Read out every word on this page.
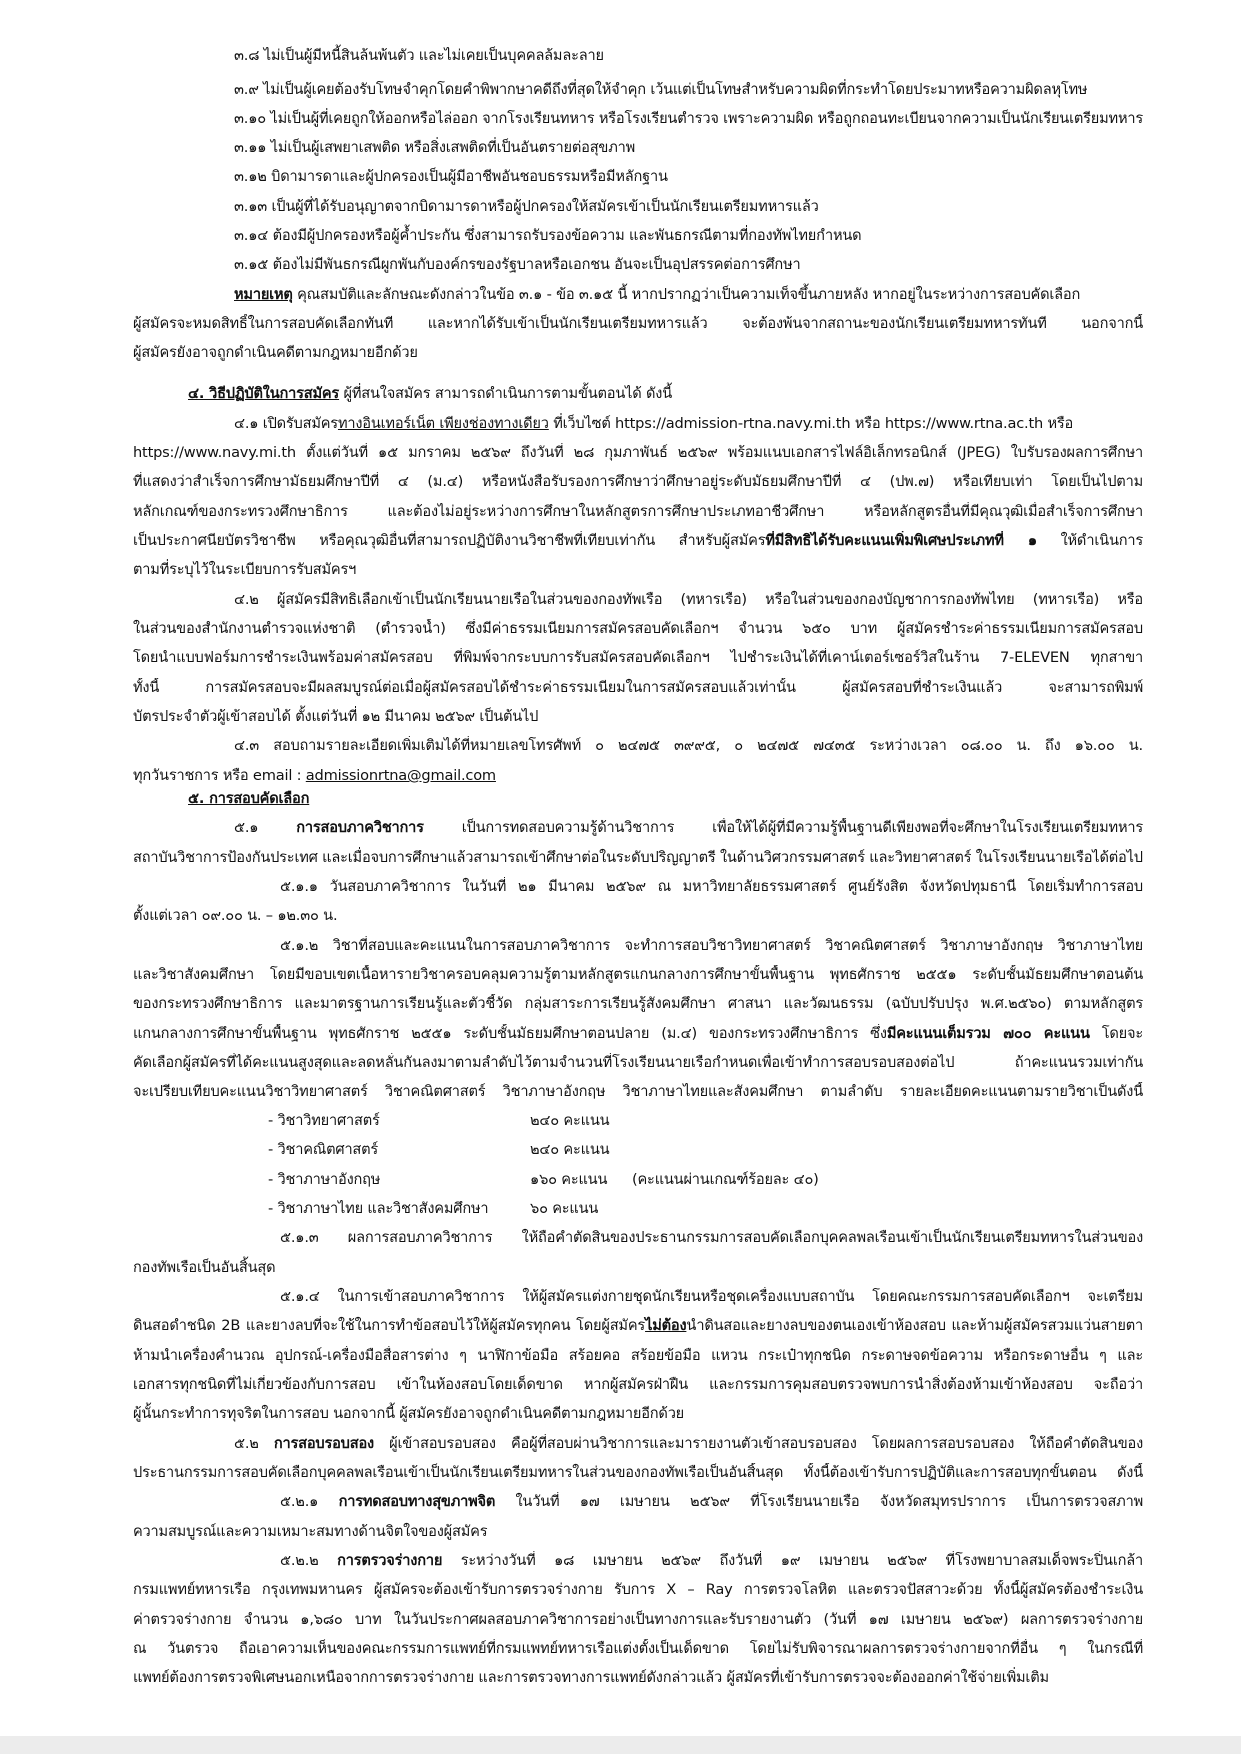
๓.๘ ไม่เป็นผู้มีหนี้สินล้นพ้นตัว และไม่เคยเป็นบุคคลล้มละลาย
๓.๙ ไม่เป็นผู้เคยต้องรับโทษจำคุกโดยคำพิพากษาคดีถึงที่สุดให้จำคุก เว้นแต่เป็นโทษสำหรับความผิดที่กระทำโดยประมาทหรือความผิดลหุโทษ
๓.๑๐ ไม่เป็นผู้ที่เคยถูกให้ออกหรือไล่ออก จากโรงเรียนทหาร หรือโรงเรียนตำรวจ เพราะความผิด หรือถูกถอนทะเบียนจากความเป็นนักเรียนเตรียมทหาร
๓.๑๑ ไม่เป็นผู้เสพยาเสพติด หรือสิ่งเสพติดที่เป็นอันตรายต่อสุขภาพ
๓.๑๒ บิดามารดาและผู้ปกครองเป็นผู้มีอาชีพอันชอบธรรมหรือมีหลักฐาน
๓.๑๓ เป็นผู้ที่ได้รับอนุญาตจากบิดามารดาหรือผู้ปกครองให้สมัครเข้าเป็นนักเรียนเตรียมทหารแล้ว
๓.๑๔ ต้องมีผู้ปกครองหรือผู้ค้ำประกัน ซึ่งสามารถรับรองข้อความ และพันธกรณีตามที่กองทัพไทยกำหนด
๓.๑๕ ต้องไม่มีพันธกรณีผูกพันกับองค์กรของรัฐบาลหรือเอกชน อันจะเป็นอุปสรรคต่อการศึกษา
หมายเหตุ คุณสมบัติและลักษณะดังกล่าวในข้อ ๓.๑ - ข้อ ๓.๑๕ นี้ หากปรากฏว่าเป็นความเท็จขึ้นภายหลัง หากอยู่ในระหว่างการสอบคัดเลือก
ผู้สมัครจะหมดสิทธิ์ในการสอบคัดเลือกทันที และหากได้รับเข้าเป็นนักเรียนเตรียมทหารแล้ว จะต้องพ้นจากสถานะของนักเรียนเตรียมทหารทันที นอกจากนี้
ผู้สมัครยังอาจถูกดำเนินคดีตามกฎหมายอีกด้วย
๔. วิธีปฏิบัติในการสมัคร ผู้ที่สนใจสมัคร สามารถดำเนินการตามขั้นตอนได้ ดังนี้
๔.๑ เปิดรับสมัครทางอินเทอร์เน็ต เพียงช่องทางเดียว ที่เว็บไซต์ https://admission-rtna.navy.mi.th หรือ https://www.rtna.ac.th หรือ
https://www.navy.mi.th ตั้งแต่วันที่ ๑๕ มกราคม ๒๕๖๙ ถึงวันที่ ๒๘ กุมภาพันธ์ ๒๕๖๙ พร้อมแนบเอกสารไฟล์อิเล็กทรอนิกส์ (JPEG) ใบรับรองผลการศึกษา
ที่แสดงว่าสำเร็จการศึกษามัธยมศึกษาปีที่ ๔ (ม.๔) หรือหนังสือรับรองการศึกษาว่าศึกษาอยู่ระดับมัธยมศึกษาปีที่ ๔ (ปพ.๗) หรือเทียบเท่า โดยเป็นไปตาม
หลักเกณฑ์ของกระทรวงศึกษาธิการ และต้องไม่อยู่ระหว่างการศึกษาในหลักสูตรการศึกษาประเภทอาชีวศึกษา หรือหลักสูตรอื่นที่มีคุณวุฒิเมื่อสำเร็จการศึกษา
เป็นประกาศนียบัตรวิชาชีพ หรือคุณวุฒิอื่นที่สามารถปฏิบัติงานวิชาชีพที่เทียบเท่ากัน สำหรับผู้สมัครที่มีสิทธิได้รับคะแนนเพิ่มพิเศษประเภทที่ ๑ ให้ดำเนินการ
ตามที่ระบุไว้ในระเบียบการรับสมัครฯ
๔.๒ ผู้สมัครมีสิทธิเลือกเข้าเป็นนักเรียนนายเรือในส่วนของกองทัพเรือ (ทหารเรือ) หรือในส่วนของกองบัญชาการกองทัพไทย (ทหารเรือ) หรือ
ในส่วนของสำนักงานตำรวจแห่งชาติ (ตำรวจน้ำ) ซึ่งมีค่าธรรมเนียมการสมัครสอบคัดเลือกฯ จำนวน ๖๕๐ บาท ผู้สมัครชำระค่าธรรมเนียมการสมัครสอบ
โดยนำแบบฟอร์มการชำระเงินพร้อมค่าสมัครสอบ ที่พิมพ์จากระบบการรับสมัครสอบคัดเลือกฯ ไปชำระเงินได้ที่เคาน์เตอร์เซอร์วิสในร้าน 7-ELEVEN ทุกสาขา
ทั้งนี้ การสมัครสอบจะมีผลสมบูรณ์ต่อเมื่อผู้สมัครสอบได้ชำระค่าธรรมเนียมในการสมัครสอบแล้วเท่านั้น ผู้สมัครสอบที่ชำระเงินแล้ว จะสามารถพิมพ์
บัตรประจำตัวผู้เข้าสอบได้ ตั้งแต่วันที่ ๑๒ มีนาคม ๒๕๖๙ เป็นต้นไป
๔.๓ สอบถามรายละเอียดเพิ่มเติมได้ที่หมายเลขโทรศัพท์ ๐ ๒๔๗๕ ๓๙๙๕, ๐ ๒๔๗๕ ๗๔๓๕ ระหว่างเวลา ๐๘.๐๐ น. ถึง ๑๖.๐๐ น.
ทุกวันราชการ หรือ email : admissionrtna@gmail.com
๕. การสอบคัดเลือก
๕.๑ การสอบภาควิชาการ เป็นการทดสอบความรู้ด้านวิชาการ เพื่อให้ได้ผู้ที่มีความรู้พื้นฐานดีเพียงพอที่จะศึกษาในโรงเรียนเตรียมทหาร
สถาบันวิชาการป้องกันประเทศ และเมื่อจบการศึกษาแล้วสามารถเข้าศึกษาต่อในระดับปริญญาตรี ในด้านวิศวกรรมศาสตร์ และวิทยาศาสตร์ ในโรงเรียนนายเรือได้ต่อไป
๕.๑.๑ วันสอบภาควิชาการ ในวันที่ ๒๑ มีนาคม ๒๕๖๙ ณ มหาวิทยาลัยธรรมศาสตร์ ศูนย์รังสิต จังหวัดปทุมธานี โดยเริ่มทำการสอบ
ตั้งแต่เวลา ๐๙.๐๐ น. – ๑๒.๓๐ น.
๕.๑.๒ วิชาที่สอบและคะแนนในการสอบภาควิชาการ จะทำการสอบวิชาวิทยาศาสตร์ วิชาคณิตศาสตร์ วิชาภาษาอังกฤษ วิชาภาษาไทย
และวิชาสังคมศึกษา โดยมีขอบเขตเนื้อหารายวิชาครอบคลุมความรู้ตามหลักสูตรแกนกลางการศึกษาขั้นพื้นฐาน พุทธศักราช ๒๕๕๑ ระดับชั้นมัธยมศึกษาตอนต้น
ของกระทรวงศึกษาธิการ และมาตรฐานการเรียนรู้และตัวชี้วัด กลุ่มสาระการเรียนรู้สังคมศึกษา ศาสนา และวัฒนธรรม (ฉบับปรับปรุง พ.ศ.๒๕๖๐) ตามหลักสูตร
แกนกลางการศึกษาขั้นพื้นฐาน พุทธศักราช ๒๕๕๑ ระดับชั้นมัธยมศึกษาตอนปลาย (ม.๔) ของกระทรวงศึกษาธิการ ซึ่งมีคะแนนเต็มรวม ๗๐๐ คะแนน โดยจะ
คัดเลือกผู้สมัครที่ได้คะแนนสูงสุดและลดหลั่นกันลงมาตามลำดับไว้ตามจำนวนที่โรงเรียนนายเรือกำหนดเพื่อเข้าทำการสอบรอบสองต่อไป ถ้าคะแนนรวมเท่ากัน
จะเปรียบเทียบคะแนนวิชาวิทยาศาสตร์ วิชาคณิตศาสตร์ วิชาภาษาอังกฤษ วิชาภาษาไทยและสังคมศึกษา ตามลำดับ รายละเอียดคะแนนตามรายวิชาเป็นดังนี้
- วิชาวิทยาศาสตร์	๒๔๐ คะแนน
- วิชาคณิตศาสตร์	๒๔๐ คะแนน
- วิชาภาษาอังกฤษ	๑๖๐ คะแนน (คะแนนผ่านเกณฑ์ร้อยละ ๔๐)
- วิชาภาษาไทย และวิชาสังคมศึกษา	๖๐ คะแนน
๕.๑.๓ ผลการสอบภาควิชาการ ให้ถือคำตัดสินของประธานกรรมการสอบคัดเลือกบุคคลพลเรือนเข้าเป็นนักเรียนเตรียมทหารในส่วนของ
กองทัพเรือเป็นอันสิ้นสุด
๕.๑.๔ ในการเข้าสอบภาควิชาการ ให้ผู้สมัครแต่งกายชุดนักเรียนหรือชุดเครื่องแบบสถาบัน โดยคณะกรรมการสอบคัดเลือกฯ จะเตรียม
ดินสอดำชนิด 2B และยางลบที่จะใช้ในการทำข้อสอบไว้ให้ผู้สมัครทุกคน โดยผู้สมัครไม่ต้องนำดินสอและยางลบของตนเองเข้าห้องสอบ และห้ามผู้สมัครสวมแว่นสายตา
ห้ามนำเครื่องคำนวณ อุปกรณ์-เครื่องมือสื่อสารต่าง ๆ นาฬิกาข้อมือ สร้อยคอ สร้อยข้อมือ แหวน กระเป๋าทุกชนิด กระดาษจดข้อความ หรือกระดาษอื่น ๆ และ
เอกสารทุกชนิดที่ไม่เกี่ยวข้องกับการสอบ เข้าในห้องสอบโดยเด็ดขาด หากผู้สมัครฝ่าฝืน และกรรมการคุมสอบตรวจพบการนำสิ่งต้องห้ามเข้าห้องสอบ จะถือว่า
ผู้นั้นกระทำการทุจริตในการสอบ นอกจากนี้ ผู้สมัครยังอาจถูกดำเนินคดีตามกฎหมายอีกด้วย
๕.๒ การสอบรอบสอง ผู้เข้าสอบรอบสอง คือผู้ที่สอบผ่านวิชาการและมารายงานตัวเข้าสอบรอบสอง โดยผลการสอบรอบสอง ให้ถือคำตัดสินของ
ประธานกรรมการสอบคัดเลือกบุคคลพลเรือนเข้าเป็นนักเรียนเตรียมทหารในส่วนของกองทัพเรือเป็นอันสิ้นสุด ทั้งนี้ต้องเข้ารับการปฏิบัติและการสอบทุกขั้นตอน ดังนี้
๕.๒.๑ การทดสอบทางสุขภาพจิต ในวันที่ ๑๗ เมษายน ๒๕๖๙ ที่โรงเรียนนายเรือ จังหวัดสมุทรปราการ เป็นการตรวจสภาพ
ความสมบูรณ์และความเหมาะสมทางด้านจิตใจของผู้สมัคร
๕.๒.๒ การตรวจร่างกาย ระหว่างวันที่ ๑๘ เมษายน ๒๕๖๙ ถึงวันที่ ๑๙ เมษายน ๒๕๖๙ ที่โรงพยาบาลสมเด็จพระปิ่นเกล้า
กรมแพทย์ทหารเรือ กรุงเทพมหานคร ผู้สมัครจะต้องเข้ารับการตรวจร่างกาย รับการ X – Ray การตรวจโลหิต และตรวจปัสสาวะด้วย ทั้งนี้ผู้สมัครต้องชำระเงิน
ค่าตรวจร่างกาย จำนวน ๑,๖๘๐ บาท ในวันประกาศผลสอบภาควิชาการอย่างเป็นทางการและรับรายงานตัว (วันที่ ๑๗ เมษายน ๒๕๖๙) ผลการตรวจร่างกาย
ณ วันตรวจ ถือเอาความเห็นของคณะกรรมการแพทย์ที่กรมแพทย์ทหารเรือแต่งตั้งเป็นเด็ดขาด โดยไม่รับพิจารณาผลการตรวจร่างกายจากที่อื่น ๆ ในกรณีที่
แพทย์ต้องการตรวจพิเศษนอกเหนือจากการตรวจร่างกาย และการตรวจทางการแพทย์ดังกล่าวแล้ว ผู้สมัครที่เข้ารับการตรวจจะต้องออกค่าใช้จ่ายเพิ่มเติม
